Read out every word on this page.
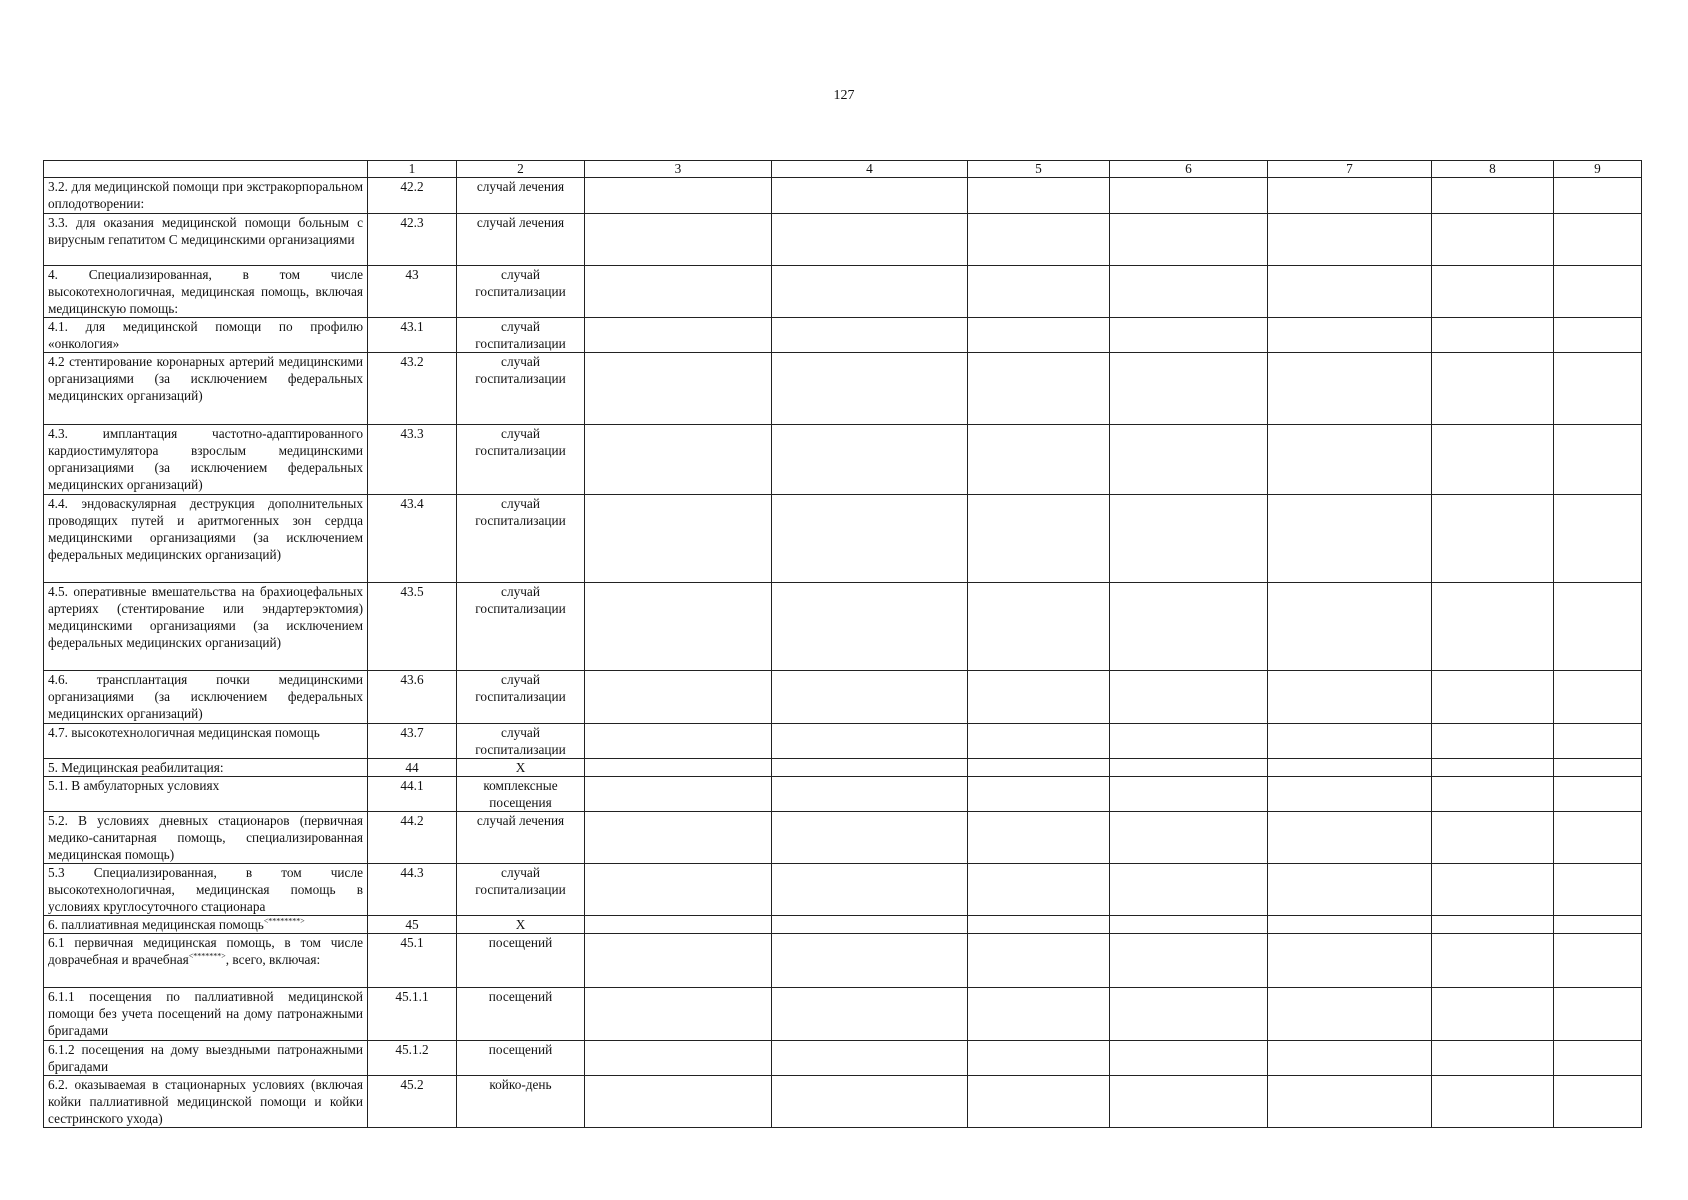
127
	1	2	3	4	5	6	7	8	9
3.2. для медицинской помощи при экстракорпоральном оплодотворении:	42.2	случай лечения							
3.3. для оказания медицинской помощи больным с вирусным гепатитом С медицинскими организациями	42.3	случай лечения							
4. Специализированная, в том числе высокотехнологичная, медицинская помощь, включая медицинскую помощь:	43	случай госпитализации							
4.1. для медицинской помощи по профилю «онкология»	43.1	случай госпитализации							
4.2 стентирование коронарных артерий медицинскими организациями (за исключением федеральных медицинских организаций)	43.2	случай госпитализации							
4.3. имплантация частотно-адаптированного кардиостимулятора взрослым медицинскими организациями (за исключением федеральных медицинских организаций)	43.3	случай госпитализации							
4.4. эндоваскулярная деструкция дополнительных проводящих путей и аритмогенных зон сердца медицинскими организациями (за исключением федеральных медицинских организаций)	43.4	случай госпитализации							
4.5. оперативные вмешательства на брахиоцефальных артериях (стентирование или эндартерэктомия) медицинскими организациями (за исключением федеральных медицинских организаций)	43.5	случай госпитализации							
4.6. трансплантация почки медицинскими организациями (за исключением федеральных медицинских организаций)	43.6	случай госпитализации							
4.7. высокотехнологичная медицинская помощь	43.7	случай госпитализации							
5. Медицинская реабилитация:	44	X							
5.1. В амбулаторных условиях	44.1	комплексные посещения							
5.2. В условиях дневных стационаров (первичная медико-санитарная помощь, специализированная медицинская помощь)	44.2	случай лечения							
5.3 Специализированная, в том числе высокотехнологичная, медицинская помощь в условиях круглосуточного стационара	44.3	случай госпитализации							
6. паллиативная медицинская помощь<********>	45	X							
6.1 первичная медицинская помощь, в том числе доврачебная и врачебная<*******>, всего, включая:	45.1	посещений							
6.1.1 посещения по паллиативной медицинской помощи без учета посещений на дому патронажными бригадами	45.1.1	посещений							
6.1.2 посещения на дому выездными патронажными бригадами	45.1.2	посещений							
6.2. оказываемая в стационарных условиях (включая койки паллиативной медицинской помощи и койки сестринского ухода)	45.2	койко-день							
